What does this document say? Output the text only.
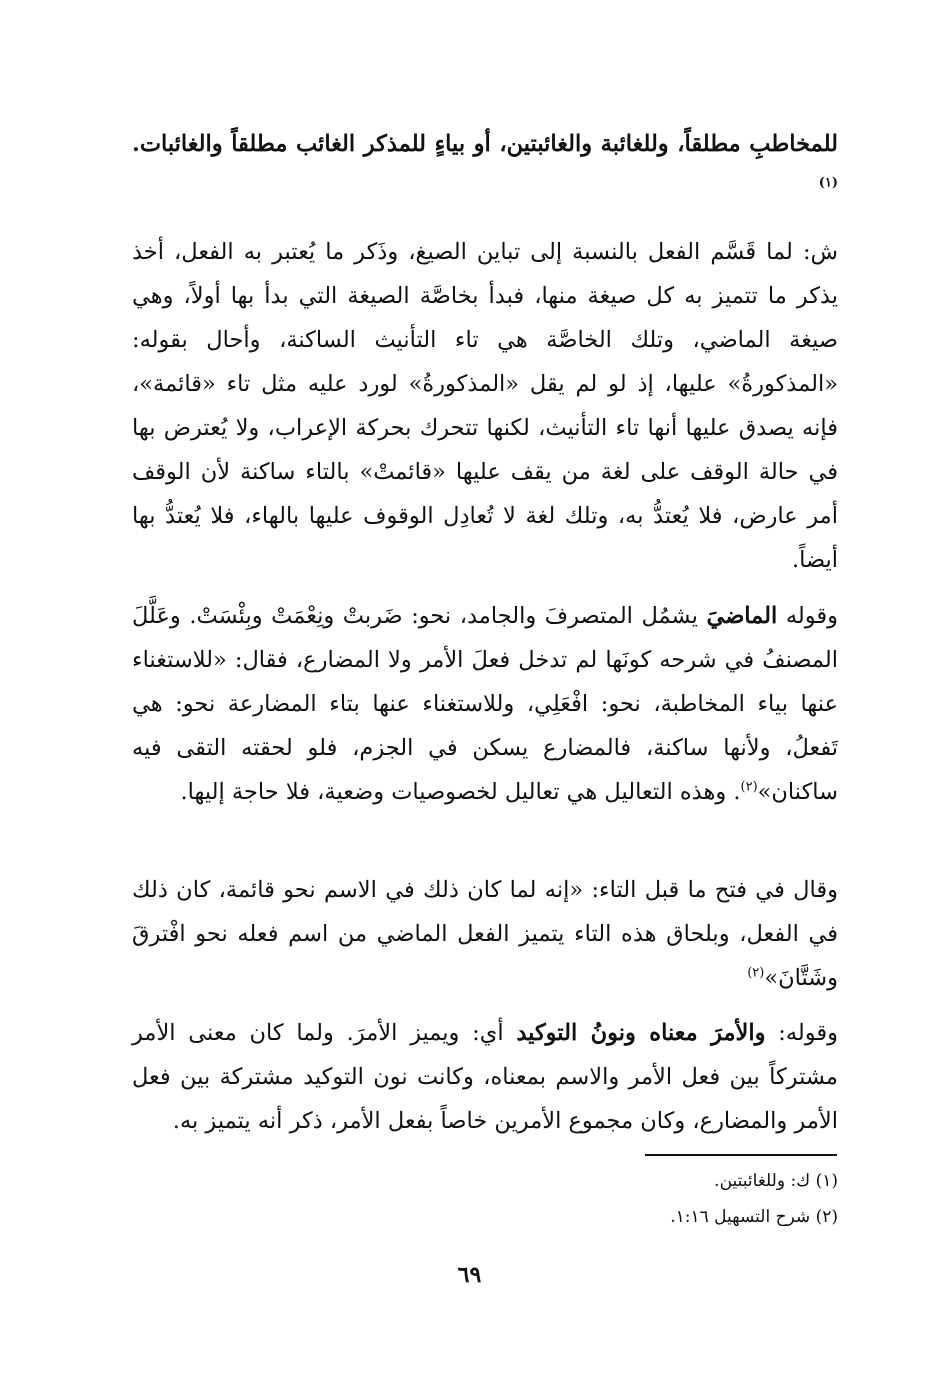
للمخاطبِ مطلقاً، وللغائبة والغائبتين، أو بياءٍ للمذكر الغائب مطلقاً والغائبات.$^{(١)}$
ش: لما قَسَّم الفعل بالنسبة إلى تباين الصيغ، وذَكر ما يُعتبر به الفعل، أخذ يذكر ما تتميز به كل صيغة منها، فبدأ بخاصَّة الصيغة التي بدأ بها أولاً، وهي صيغة الماضي، وتلك الخاصَّة هي تاء التأنيث الساكنة، وأحال بقوله: «المذكورةُ» عليها، إذ لو لم يقل «المذكورةُ» لورد عليه مثل تاء «قائمة»، فإنه يصدق عليها أنها تاء التأنيث، لكنها تتحرك بحركة الإعراب، ولا يُعترض بها في حالة الوقف على لغة من يقف عليها «قائمتْ» بالتاء ساكنة لأن الوقف أمر عارض، فلا يُعتدُّ به، وتلك لغة لا تُعادِل الوقوف عليها بالهاء، فلا يُعتدُّ بها أيضاً.
وقوله الماضيَ يشمُل المتصرفَ والجامد، نحو: ضَربتْ ونِعْمَتْ وبِئْسَتْ. وعَلَّلَ المصنفُ في شرحه كونَها لم تدخل فعلَ الأمر ولا المضارع، فقال: «للاستغناء عنها بياء المخاطبة، نحو: افْعَلِي، وللاستغناء عنها بتاء المضارعة نحو: هي تَفعلُ، ولأنها ساكنة، فالمضارع يسكن في الجزم، فلو لحقته التقى فيه ساكنان»$^{(٢)}$. وهذه التعاليل هي تعاليل لخصوصيات وضعية، فلا حاجة إليها.
وقال في فتح ما قبل التاء: «إنه لما كان ذلك في الاسم نحو قائمة، كان ذلك في الفعل، وبلحاق هذه التاء يتميز الفعل الماضي من اسم فعله نحو افْترقَ وشَتَّانَ»$^{(٢)}$
وقوله: والأمرَ معناه ونونُ التوكيد أي: ويميز الأمرَ. ولما كان معنى الأمر مشتركاً بين فعل الأمر والاسم بمعناه، وكانت نون التوكيد مشتركة بين فعل الأمر والمضارع، وكان مجموع الأمرين خاصاً بفعل الأمر، ذكر أنه يتميز به.
(١) ك: وللغائبتين.
(٢) شرح التسهيل ١:١٦.
٦٩
